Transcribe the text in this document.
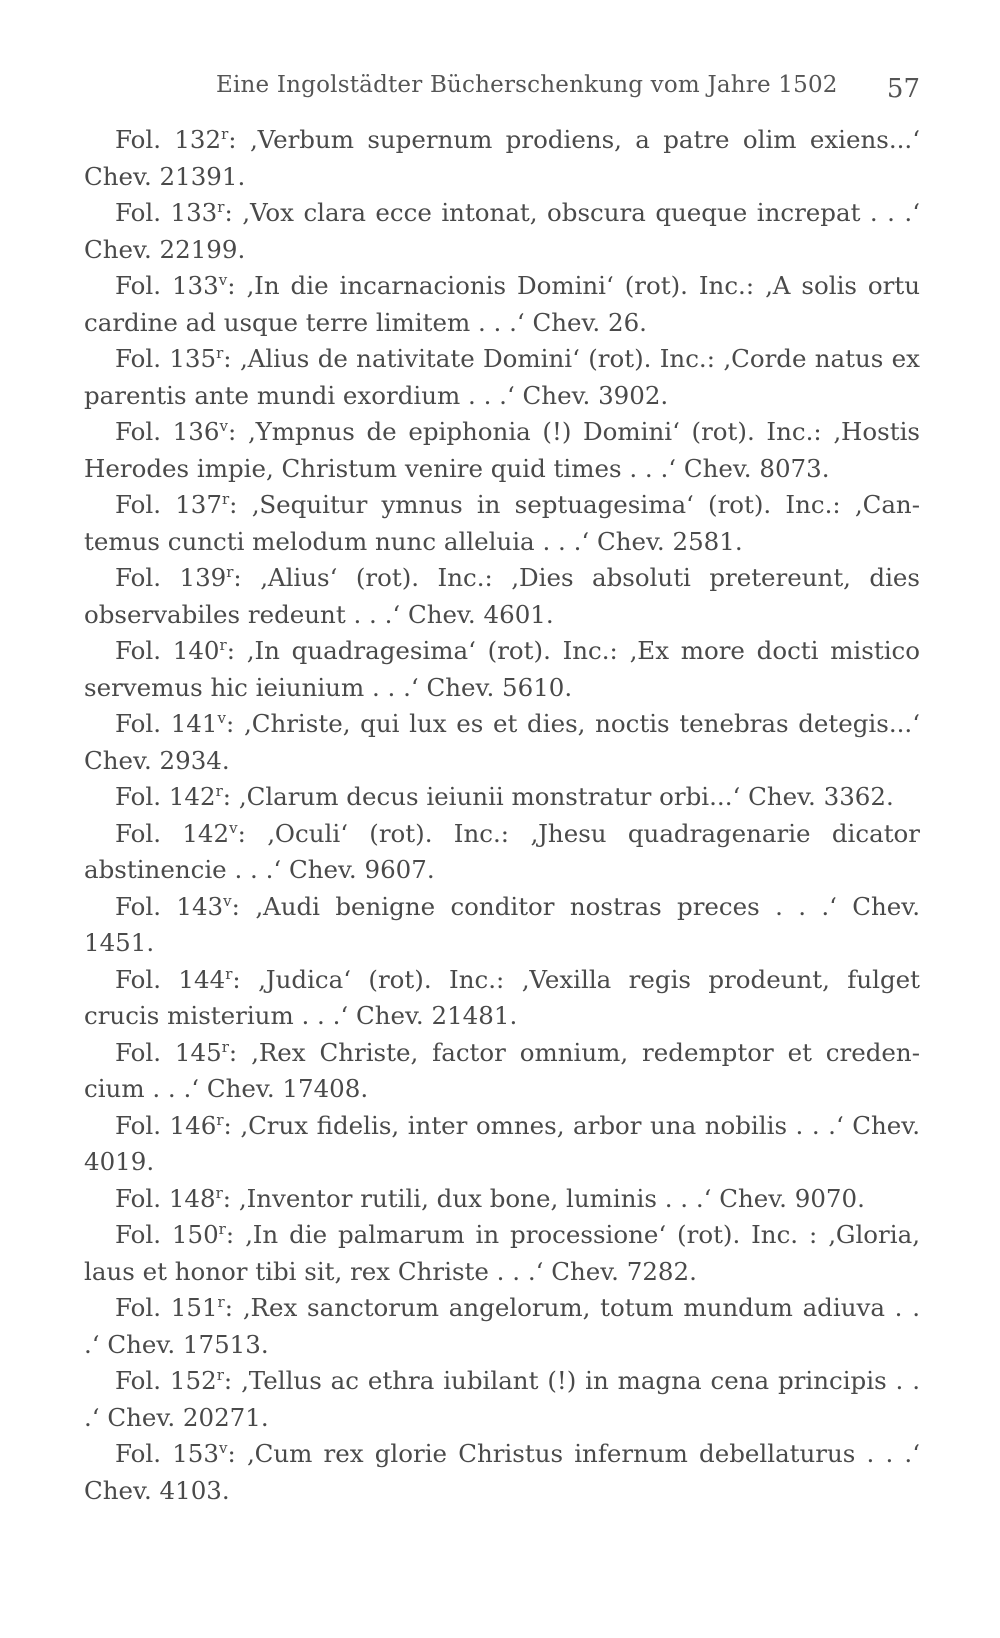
Eine Ingolstädter Bücherschenkung vom Jahre 1502 57

Fol. 132$^r$: ‚Verbum supernum prodiens, a patre olim exiens...‘ Chev. 21391.

Fol. 133$^r$: ‚Vox clara ecce intonat, obscura queque increpat . . .‘ Chev. 22199.

Fol. 133$^v$: ‚In die incarnacionis Domini‘ (rot). Inc.: ‚A solis ortu cardine ad usque terre limitem . . .‘ Chev. 26.

Fol. 135$^r$: ‚Alius de nativitate Domini‘ (rot). Inc.: ‚Corde natus ex parentis ante mundi exordium . . .‘ Chev. 3902.

Fol. 136$^v$: ‚Ympnus de epiphonia (!) Domini‘ (rot). Inc.: ‚Hostis Herodes impie, Christum venire quid times . . .‘ Chev. 8073.

Fol. 137$^r$: ‚Sequitur ymnus in septuagesima‘ (rot). Inc.: ‚Cantemus cuncti melodum nunc alleluia . . .‘ Chev. 2581.

Fol. 139$^r$: ‚Alius‘ (rot). Inc.: ‚Dies absoluti pretereunt, dies observabiles redeunt . . .‘ Chev. 4601.

Fol. 140$^r$: ‚In quadragesima‘ (rot). Inc.: ‚Ex more docti mistico servemus hic ieiunium . . .‘ Chev. 5610.

Fol. 141$^v$: ‚Christe, qui lux es et dies, noctis tenebras detegis...‘ Chev. 2934.

Fol. 142$^r$: ‚Clarum decus ieiunii monstratur orbi...‘ Chev. 3362.

Fol. 142$^v$: ‚Oculi‘ (rot). Inc.: ‚Jhesu quadragenarie dicator abstinencie . . .‘ Chev. 9607.

Fol. 143$^v$: ‚Audi benigne conditor nostras preces . . .‘ Chev. 1451.

Fol. 144$^r$: ‚Judica‘ (rot). Inc.: ‚Vexilla regis prodeunt, fulget crucis misterium . . .‘ Chev. 21481.

Fol. 145$^r$: ‚Rex Christe, factor omnium, redemptor et credencium . . .‘ Chev. 17408.

Fol. 146$^r$: ‚Crux fidelis, inter omnes, arbor una nobilis . . .‘ Chev. 4019.

Fol. 148$^r$: ‚Inventor rutili, dux bone, luminis . . .‘ Chev. 9070.

Fol. 150$^r$: ‚In die palmarum in processione‘ (rot). Inc. : ‚Gloria, laus et honor tibi sit, rex Christe . . .‘ Chev. 7282.

Fol. 151$^r$: ‚Rex sanctorum angelorum, totum mundum adiuva . . .‘ Chev. 17513.

Fol. 152$^r$: ‚Tellus ac ethra iubilant (!) in magna cena principis . . .‘ Chev. 20271.

Fol. 153$^v$: ‚Cum rex glorie Christus infernum debellaturus . . .‘ Chev. 4103.
